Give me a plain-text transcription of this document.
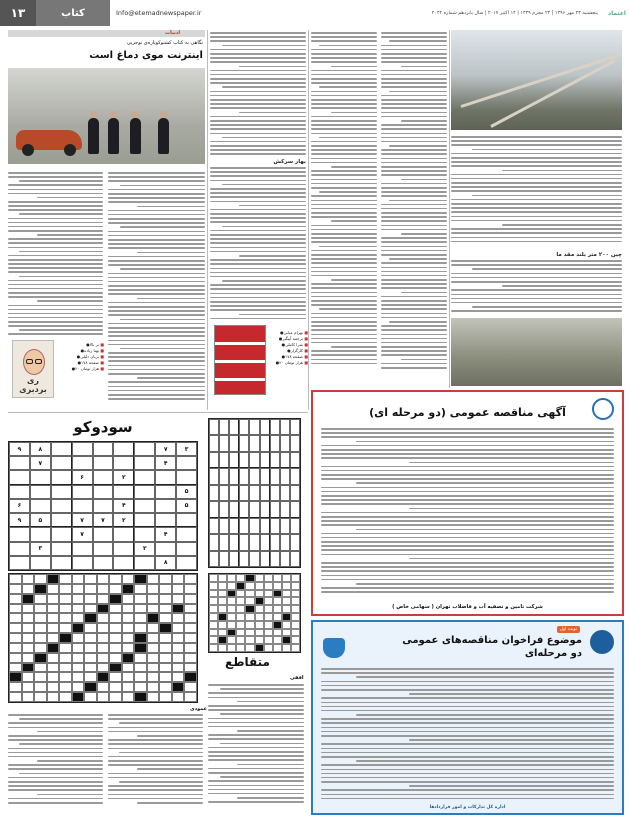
۱۳	کتاب	Info@etemadnewspaper.ir	پنجشنبه ۲۳ مهر ۱۳۹۶ | ۲۴ محرم ۱۴۳۹ | ۱۴ اکتبر ۲۰۱۷ | سال پانزدهم شماره ۲۰۴۲	اعتماد
ادبیات
نگاهی به کتاب کشتوکوتاره‌ی نوجزیی
اینترنت موی دماغ است
ری بردبری
●بر بالا ■
●بهنا زیاده ■
●بربان دلیلی ■
●۱۷۸ صفحه ■
●۲۰ هزار تومان ■
بهار سرکش
●بهرام عیانی ■
●ترجمه آبیگیر ■
●مترا کاملی ■
●کارگزار ■
●۱۷۸ صفحه ■
●۲۰ هزار تومان ■
چین ۲۰۰ متر بلند مقد ما
سودوکو
۹	۸	۷	۳
۷	۴
۶	۲
۵
۶	۴	۵
۹	۵	۷	۷	۲
۷	۴
۳	۲
۸
متقاطع
افقی
عمودی
آگهی مناقصه عمومی (دو مرحله ای)
شرکت تامین و تصفیه آب و فاضلاب تهران ( سهامی خاص )
نوبت اول
موضوع فراخوان مناقصه‌های عمومی
دو مرحله‌ای
اداره کل تدارکات و امور قراردادها
